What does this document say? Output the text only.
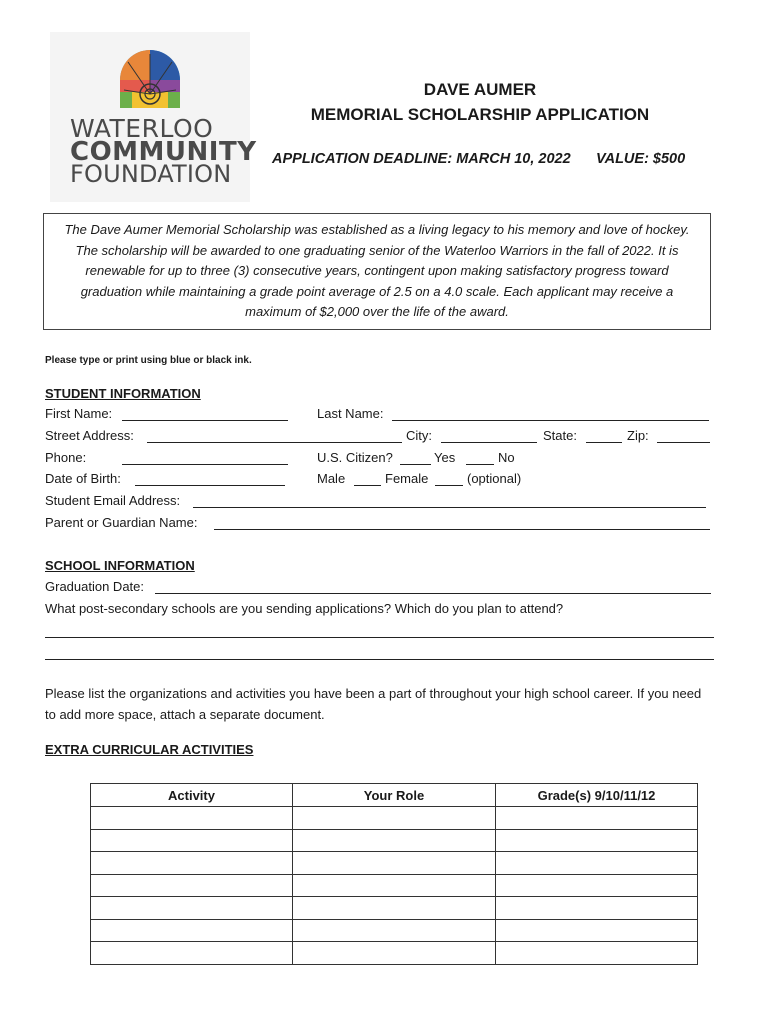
WATERLOO
COMMUNITY
FOUNDATION
DAVE AUMER
MEMORIAL SCHOLARSHIP APPLICATION
APPLICATION DEADLINE: MARCH 10, 2022 VALUE: $500
The Dave Aumer Memorial Scholarship was established as a living legacy to his memory and love of hockey. The scholarship will be awarded to one graduating senior of the Waterloo Warriors in the fall of 2022. It is renewable for up to three (3) consecutive years, contingent upon making satisfactory progress toward graduation while maintaining a grade point average of 2.5 on a 4.0 scale. Each applicant may receive a maximum of $2,000 over the life of the award.
Please type or print using blue or black ink.
STUDENT INFORMATION
First Name:	Last Name:
Street Address:	City:	State:	Zip:
Phone:	U.S. Citizen?	Yes	No
Date of Birth:	Male	Female	(optional)
Student Email Address:
Parent or Guardian Name:
SCHOOL INFORMATION
Graduation Date:
What post-secondary schools are you sending applications? Which do you plan to attend?
Please list the organizations and activities you have been a part of throughout your high school career. If you need to add more space, attach a separate document.
EXTRA CURRICULAR ACTIVITIES
Activity	Your Role	Grade(s) 9/10/11/12
